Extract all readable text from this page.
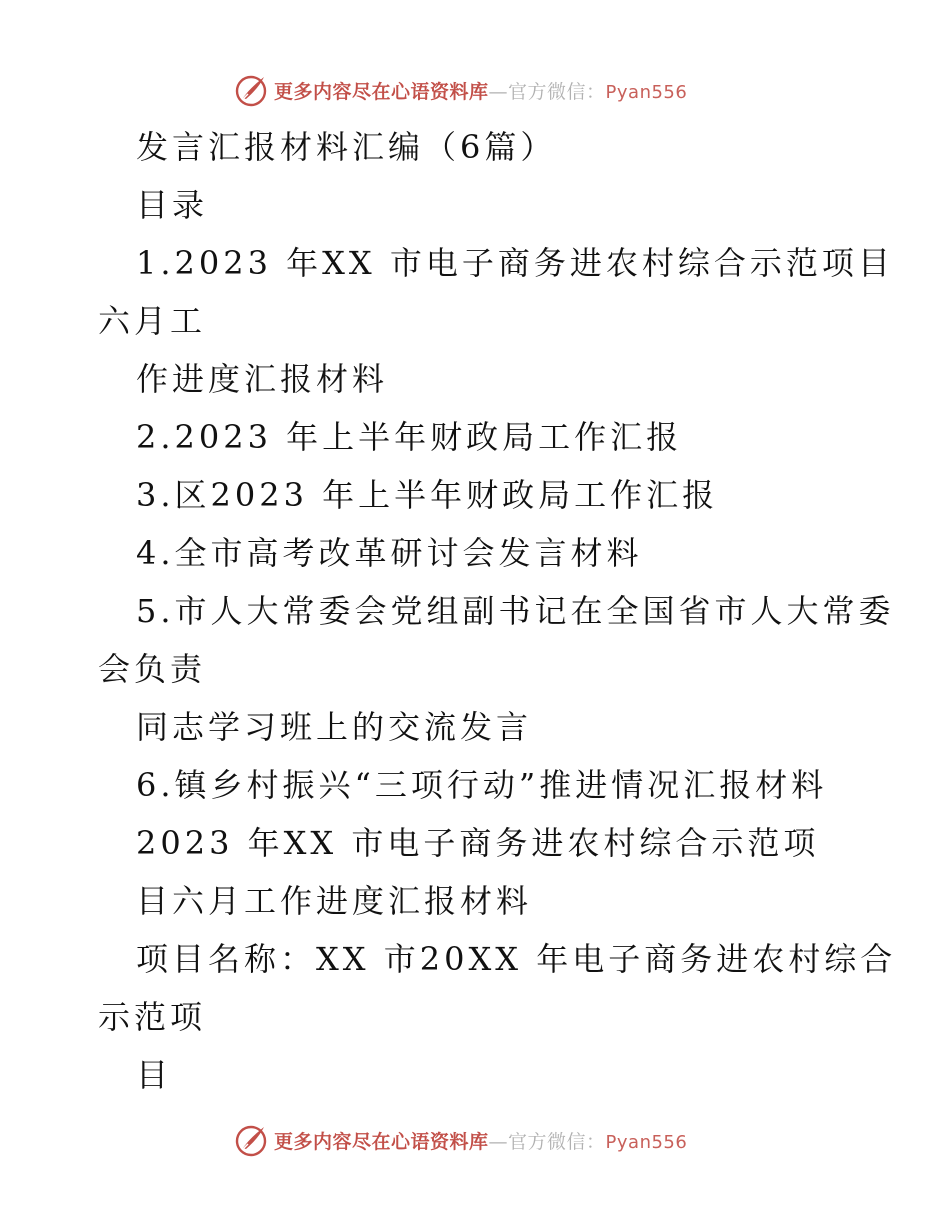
更多内容尽在心语资料库—官方微信：Pyan556
发言汇报材料汇编（6篇）
目录
1.2023 年XX 市电子商务进农村综合示范项目
六月工
作进度汇报材料
2.2023 年上半年财政局工作汇报
3.区2023 年上半年财政局工作汇报
4.全市高考改革研讨会发言材料
5.市人大常委会党组副书记在全国省市人大常委
会负责
同志学习班上的交流发言
6.镇乡村振兴“三项行动”推进情况汇报材料
2023 年XX 市电子商务进农村综合示范项
目六月工作进度汇报材料
项目名称：XX 市20XX 年电子商务进农村综合
示范项
目
更多内容尽在心语资料库—官方微信：Pyan556
